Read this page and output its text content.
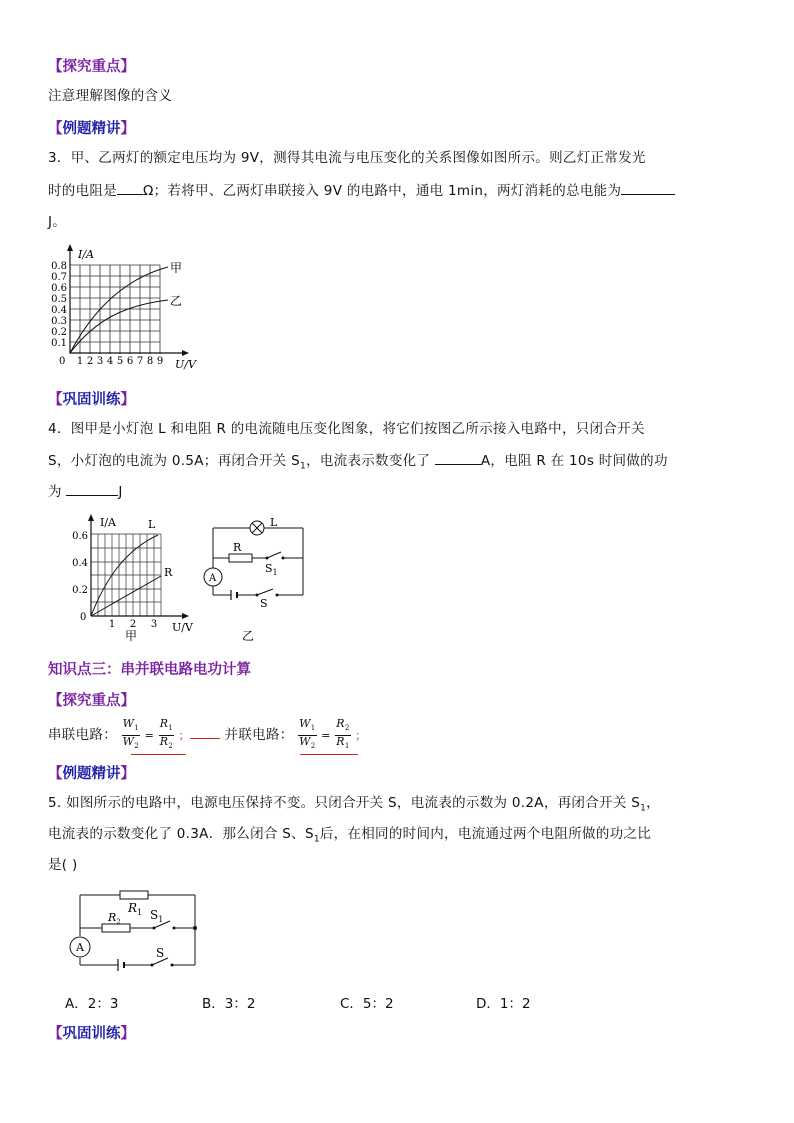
【探究重点】
注意理解图像的含义
【例题精讲】
3．甲、乙两灯的额定电压均为 9V，测得其电流与电压变化的关系图像如图所示。则乙灯正常发光
时的电阻是 Ω；若将甲、乙两灯串联接入 9V 的电路中，通电 1min，两灯消耗的总电能为
J。
I/A
U/V
0
0.8
0.7
0.6
0.5
0.4
0.3
0.2
0.1
1 2 3 4 5 6 7 8 9
甲
乙
【巩固训练】
4．图甲是小灯泡 L 和电阻 R 的电流随电压变化图象，将它们按图乙所示接入电路中，只闭合开关
S，小灯泡的电流为 0.5A；再闭合开关 $S_1$，电流表示数变化了	A，电阻 R 在 10s 时间做的功
为	J
I/A
U/V
0
0.6
0.4
0.2
1 2 3
L
R
甲
L
R
$S_1$
A
S
乙
知识点三：串并联电路电功计算
【探究重点】
串联电路： $\frac{W_1}{W_2} = \frac{R_1}{R_2}$ ；	并联电路： $\frac{W_1}{W_2} = \frac{R_2}{R_1}$ ；
【例题精讲】
5. 如图所示的电路中，电源电压保持不变。只闭合开关 S，电流表的示数为 0.2A，再闭合开关 $S_1$，
电流表的示数变化了 0.3A．那么闭合 S、$S_1$后，在相同的时间内，电流通过两个电阻所做的功之比
是( )
$R_1$
$R_2$ $S_1$
A	S
A．2：3	B．3：2	C．5：2	D．1：2
【巩固训练】
